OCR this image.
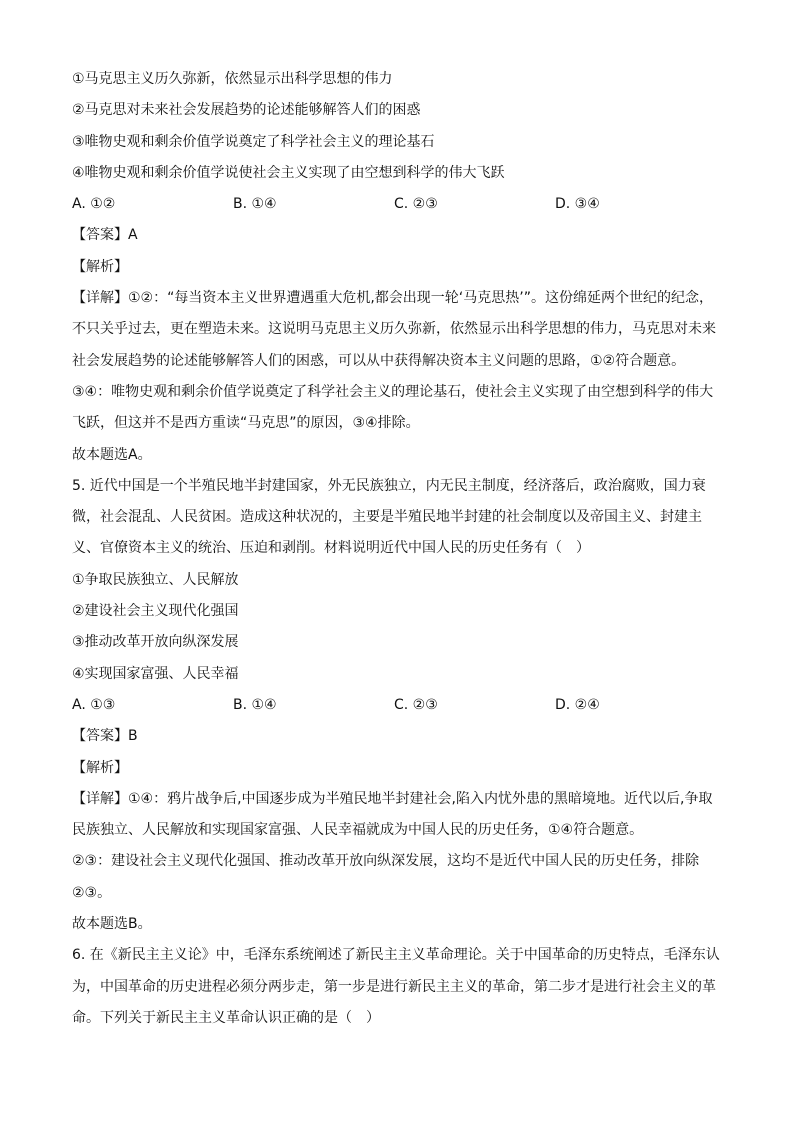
①马克思主义历久弥新，依然显示出科学思想的伟力
②马克思对未来社会发展趋势的论述能够解答人们的困惑
③唯物史观和剩余价值学说奠定了科学社会主义的理论基石
④唯物史观和剩余价值学说使社会主义实现了由空想到科学的伟大飞跃
A. ①②	B. ①④	C. ②③	D. ③④
【答案】A
【解析】
【详解】①②：“每当资本主义世界遭遇重大危机,都会出现一轮‘马克思热’”。这份绵延两个世纪的纪念，不只关乎过去，更在塑造未来。这说明马克思主义历久弥新，依然显示出科学思想的伟力，马克思对未来社会发展趋势的论述能够解答人们的困惑，可以从中获得解决资本主义问题的思路，①②符合题意。
③④：唯物史观和剩余价值学说奠定了科学社会主义的理论基石，使社会主义实现了由空想到科学的伟大飞跃，但这并不是西方重读“马克思”的原因，③④排除。
故本题选A。
5. 近代中国是一个半殖民地半封建国家，外无民族独立，内无民主制度，经济落后，政治腐败，国力衰微，社会混乱、人民贫困。造成这种状况的，主要是半殖民地半封建的社会制度以及帝国主义、封建主义、官僚资本主义的统治、压迫和剥削。材料说明近代中国人民的历史任务有（　）
①争取民族独立、人民解放
②建设社会主义现代化强国
③推动改革开放向纵深发展
④实现国家富强、人民幸福
A. ①③	B. ①④	C. ②③	D. ②④
【答案】B
【解析】
【详解】①④：鸦片战争后,中国逐步成为半殖民地半封建社会,陷入内忧外患的黑暗境地。近代以后,争取民族独立、人民解放和实现国家富强、人民幸福就成为中国人民的历史任务，①④符合题意。
②③：建设社会主义现代化强国、推动改革开放向纵深发展，这均不是近代中国人民的历史任务，排除②③。
故本题选B。
6. 在《新民主主义论》中，毛泽东系统阐述了新民主主义革命理论。关于中国革命的历史特点，毛泽东认为，中国革命的历史进程必须分两步走，第一步是进行新民主主义的革命，第二步才是进行社会主义的革命。下列关于新民主主义革命认识正确的是（　）
